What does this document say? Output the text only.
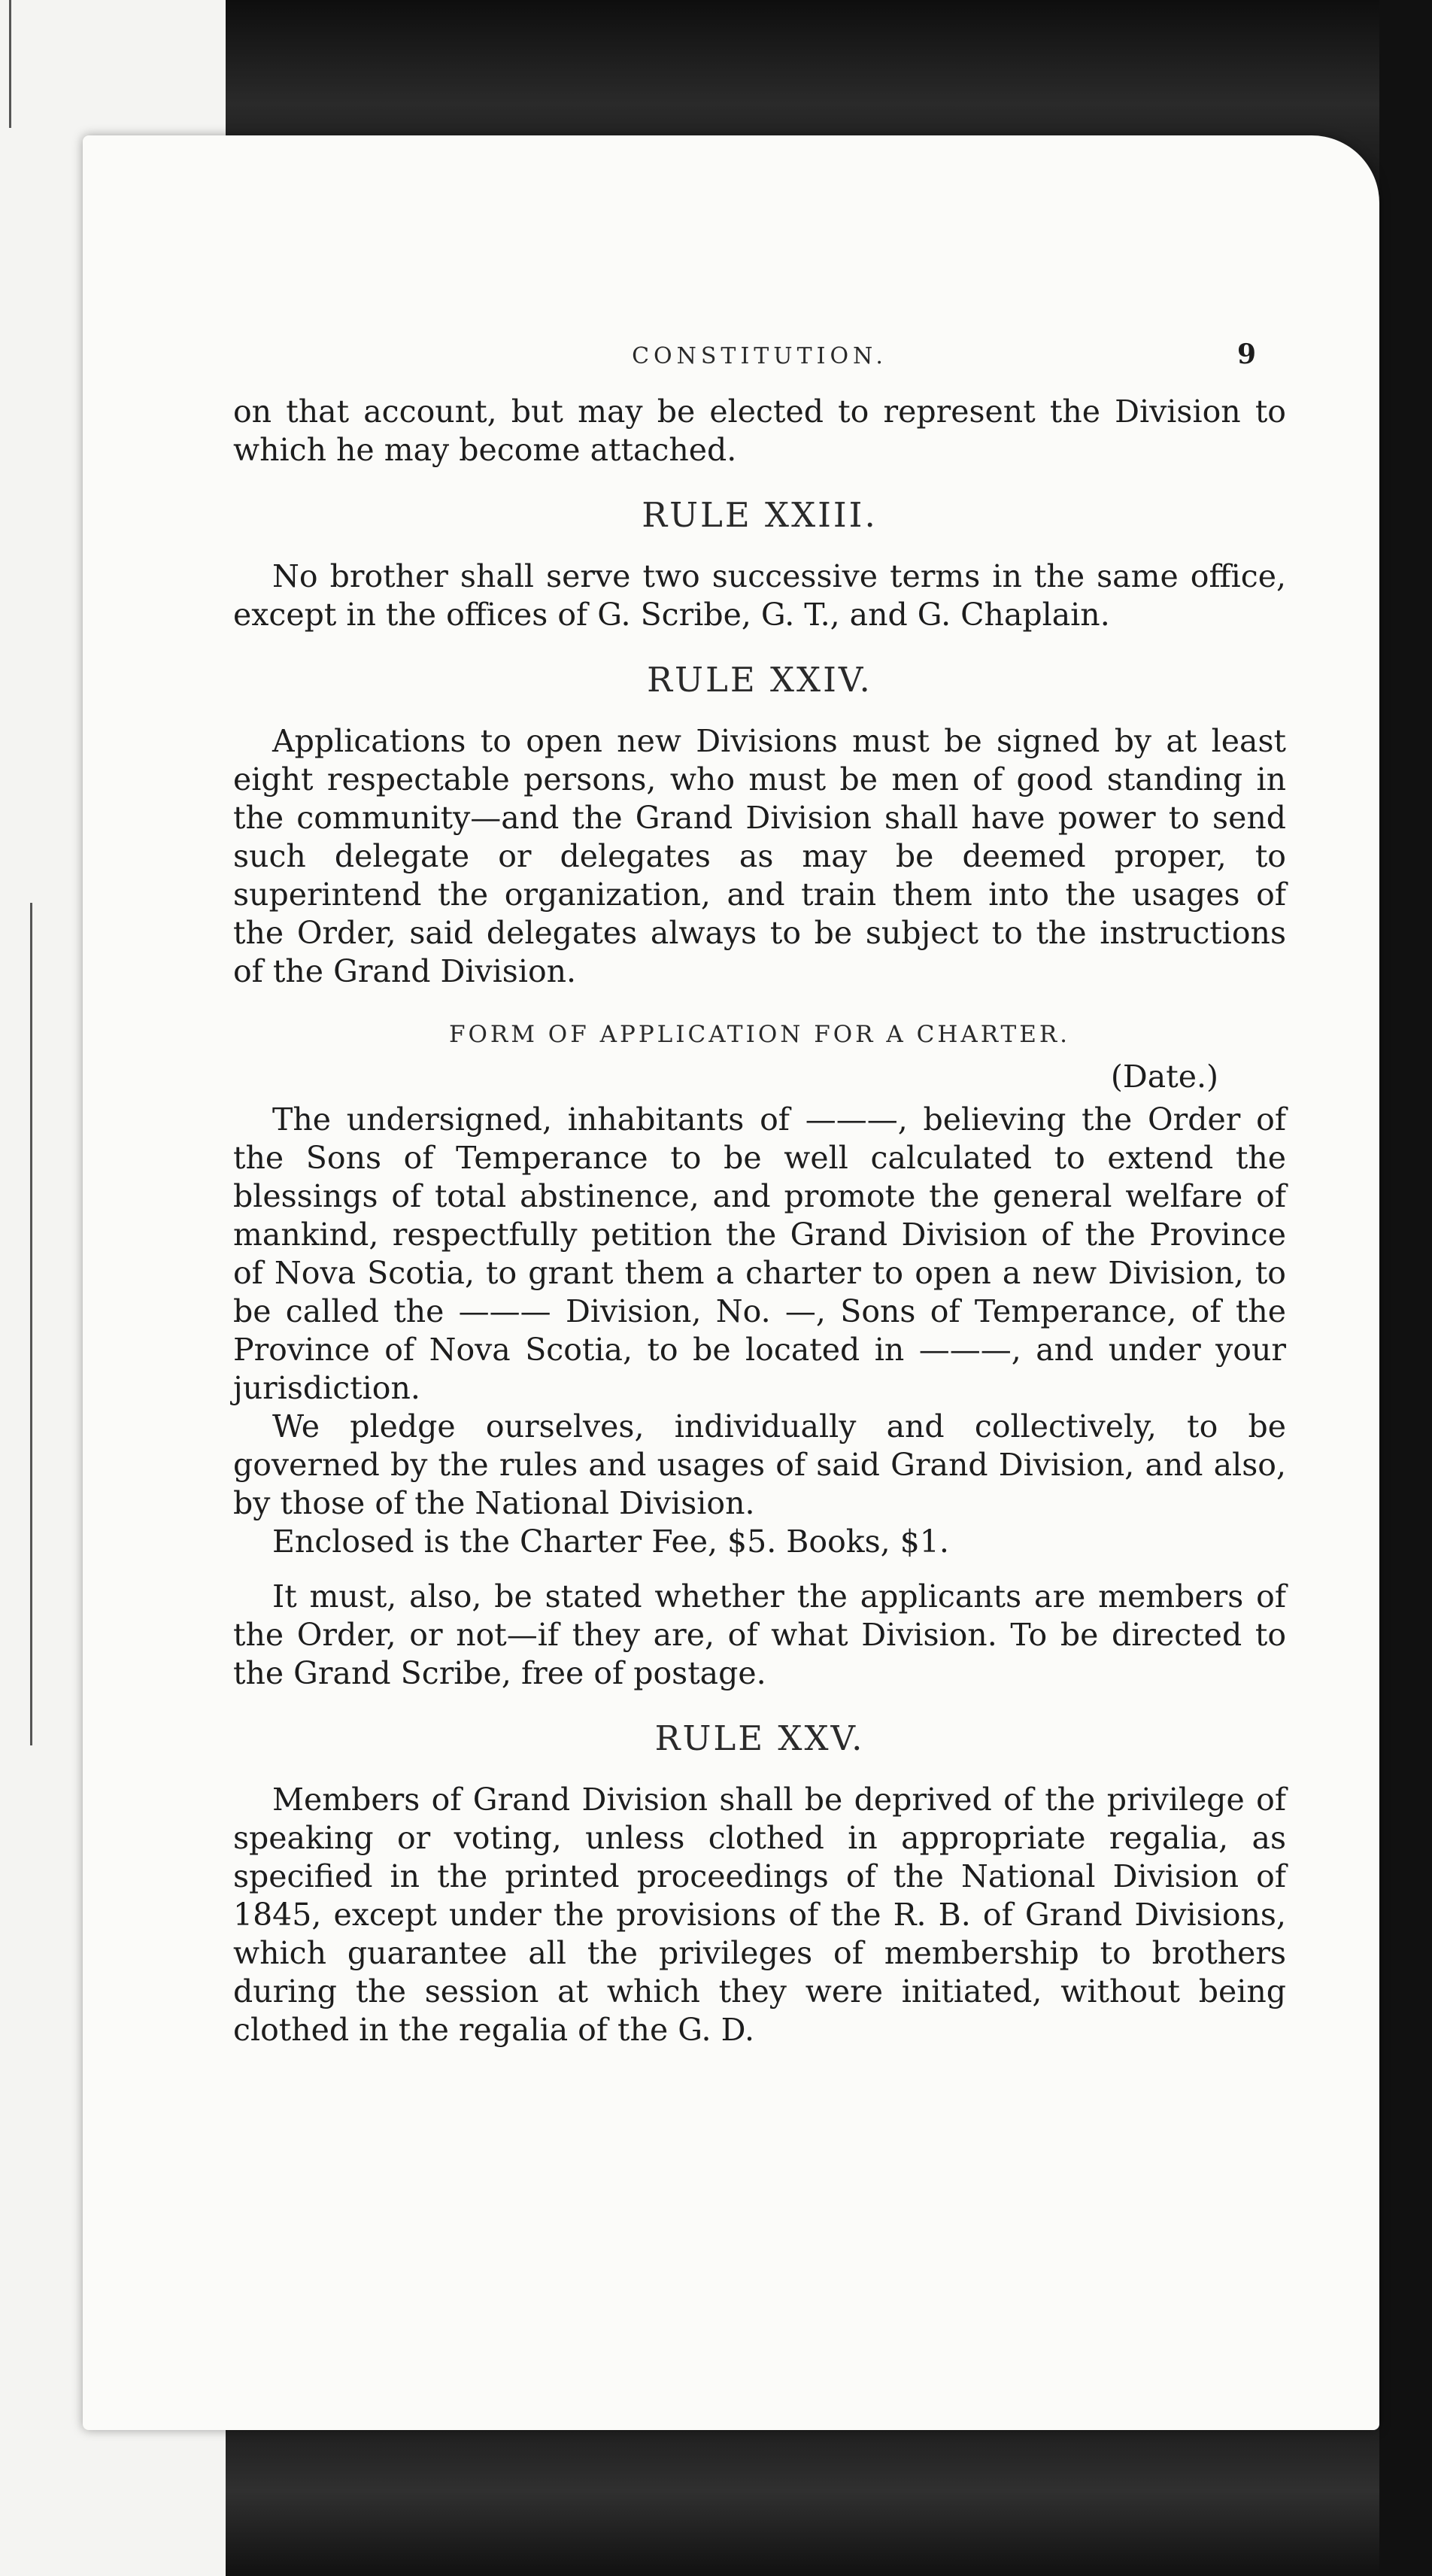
CONSTITUTION.	9

on that account, but may be elected to represent the Division to which he may become attached.

RULE XXIII.

No brother shall serve two successive terms in the same office, except in the offices of G. Scribe, G. T., and G. Chaplain.

RULE XXIV.

Applications to open new Divisions must be signed by at least eight respectable persons, who must be men of good standing in the community—and the Grand Division shall have power to send such delegate or delegates as may be deemed proper, to superintend the organization, and train them into the usages of the Order, said delegates always to be subject to the instructions of the Grand Division.

FORM OF APPLICATION FOR A CHARTER.
(Date.)

The undersigned, inhabitants of ———, believing the Order of the Sons of Temperance to be well calculated to extend the blessings of total abstinence, and promote the general welfare of mankind, respectfully petition the Grand Division of the Province of Nova Scotia, to grant them a charter to open a new Division, to be called the ——— Division, No. —, Sons of Temperance, of the Province of Nova Scotia, to be located in ———, and under your jurisdiction.

We pledge ourselves, individually and collectively, to be governed by the rules and usages of said Grand Division, and also, by those of the National Division.

Enclosed is the Charter Fee, $5. Books, $1.

It must, also, be stated whether the applicants are members of the Order, or not—if they are, of what Division. To be directed to the Grand Scribe, free of postage.

RULE XXV.

Members of Grand Division shall be deprived of the privilege of speaking or voting, unless clothed in appropriate regalia, as specified in the printed proceedings of the National Division of 1845, except under the provisions of the R. B. of Grand Divisions, which guarantee all the privileges of membership to brothers during the session at which they were initiated, without being clothed in the regalia of the G. D.
